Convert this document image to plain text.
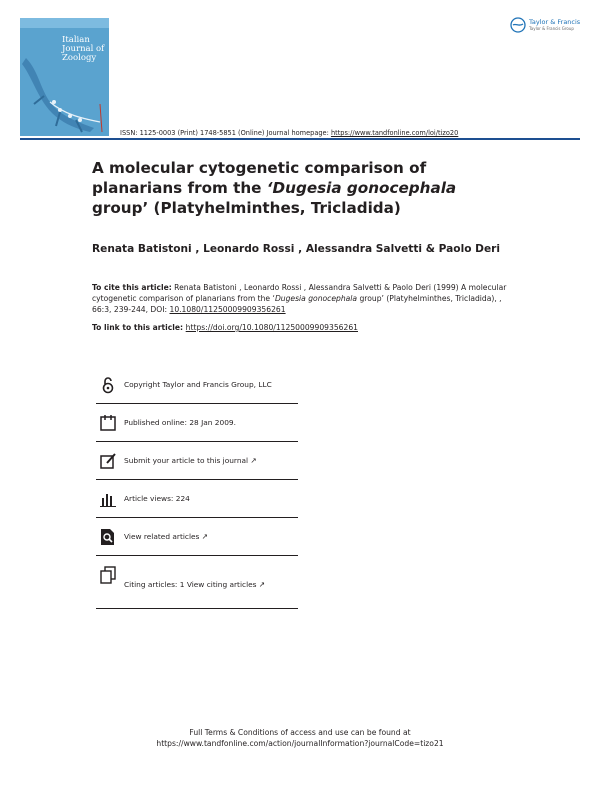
Italian
Journal of
Zoology
Taylor & Francis
Taylor & Francis Group
ISSN: 1125-0003 (Print) 1748-5851 (Online) Journal homepage: https://www.tandfonline.com/loi/tizo20
A molecular cytogenetic comparison of planarians from the ‘Dugesia gonocephala group’ (Platyhelminthes, Tricladida)
Renata Batistoni , Leonardo Rossi , Alessandra Salvetti & Paolo Deri
To cite this article: Renata Batistoni , Leonardo Rossi , Alessandra Salvetti & Paolo Deri (1999) A molecular cytogenetic comparison of planarians from the ‘Dugesia gonocephala group’ (Platyhelminthes, Tricladida), , 66:3, 239-244, DOI: 10.1080/11250009909356261
To link to this article: https://doi.org/10.1080/11250009909356261
Copyright Taylor and Francis Group, LLC
Published online: 28 Jan 2009.
Submit your article to this journal ↗
Article views: 224
View related articles ↗
Citing articles: 1 View citing articles ↗
Full Terms & Conditions of access and use can be found at
https://www.tandfonline.com/action/journalInformation?journalCode=tizo21
